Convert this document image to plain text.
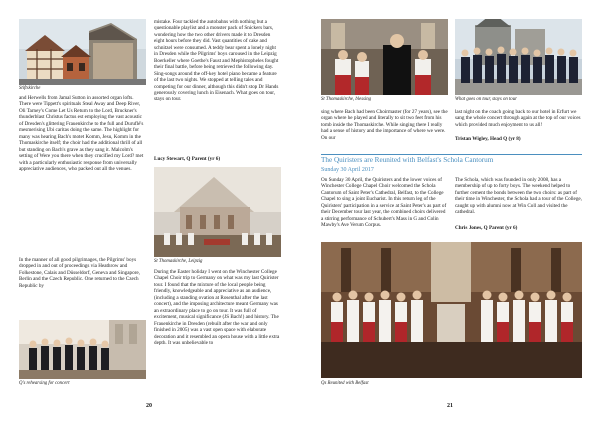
Stiftskirche
and Herwells from Jamal Sutton in assorted organ lofts. There were Tippett's spirituals Steal Away and Deep River, Oli Tarney's Come Let Us Return to the Lord, Bruckner's thunderblast Christus factus est employing the vast acoustic of Dresden's glittering Frauenkirche to the full and Duruflé's mesmerising Ubi caritas doing the same. The highlight for many was hearing Bach's motet Komm, Jesu, Komm in the Thomaskirche itself; the choir had the additional thrill of all but standing on Bach's grave as they sang it. Malcolm's setting of Were you there when they crucified my Lord? met with a particularly enthusiastic response from universally appreciative audiences, who packed out all the venues.
In the manner of all good pilgrimages, the Pilgrims' boys dropped in and out of proceedings via Heathrow and Folkestone, Calais and Düsseldorf, Geneva and Singapore, Berlin and the Czech Republic. One returned to the Czech Republic by
Q's rehearsing for concert
mistake. Four tackled the autobahns with nothing but a questionable playlist and a monster pack of Snickers bars, wondering how the two other drivers made it to Dresden eight hours before they did. Vast quantities of cake and schnitzel were consumed. A teddy bear spent a lonely night in Dresden while the Pilgrims' boys caroused in the Leipzig Boerkeller where Goethe's Faust and Mephistopheles fought their final battle, before being retrieved the following day. Sing-songs around the off-key hotel piano became a feature of the last two nights. We stopped at telling tales and competing for our dinner, although this didn't stop Dr Hands generously covering lunch in Eisenach. What goes on tour, stays on tour.
Lucy Stewart, Q Parent (yr 6)
St Thomaskirche, Leipzig
During the Easter holiday I went on the Winchester College Chapel Choir trip to Germany on what was my last Quirister tour. I found that the mixture of the local people being friendly, knowledgeable and appreciative as an audience, (including a standing ovation at Rosenthal after the last concert), and the imposing architecture meant Germany was an extraordinary place to go on tour. It was full of excitement, musical significance (JS Bach!) and history. The Frauenkirche in Dresden (rebuilt after the war and only finished in 2005) was a vast open space with elaborate decoration and it resembled an opera house with a little extra depth. It was unbelievable to
20
St Thomaskirche, blessing	What goes on tour, stays on tour
sing where Bach had been Choirmaster (for 27 years), see the organ where he played and literally to sit two feet from his tomb inside the Thomaskirche. While singing there I really had a sense of history and the importance of where we were. On our
last night on the coach going back to our hotel in Erfurt we sang the whole concert through again at the top of our voices which provided much enjoyment to us all!
Tristan Wigley, Head Q (yr 8)
The Quiristers are Reunited with Belfast's Schola Cantorum
Sunday 30 April 2017
On Sunday 30 April, the Quiristers and the lower voices of Winchester College Chapel Choir welcomed the Schola Cantorum of Saint Peter's Cathedral, Belfast, to the College Chapel to sing a joint Eucharist. In this return leg of the Quiristers' participation in a service at Saint Peter's as part of their December tour last year, the combined choirs delivered a stirring performance of Schubert's Mass in G and Colin Mawby's Ave Verum Corpus.
The Schola, which was founded in only 2008, has a membership of up to forty boys. The weekend helped to further cement the bonds between the two choirs: as part of their time in Winchester, the Schola had a tour of the College, caught up with alumni now at Win Coll and visited the cathedral.
Chris Jones, Q Parent (yr 6)
Qs Reunited with Belfast
21
